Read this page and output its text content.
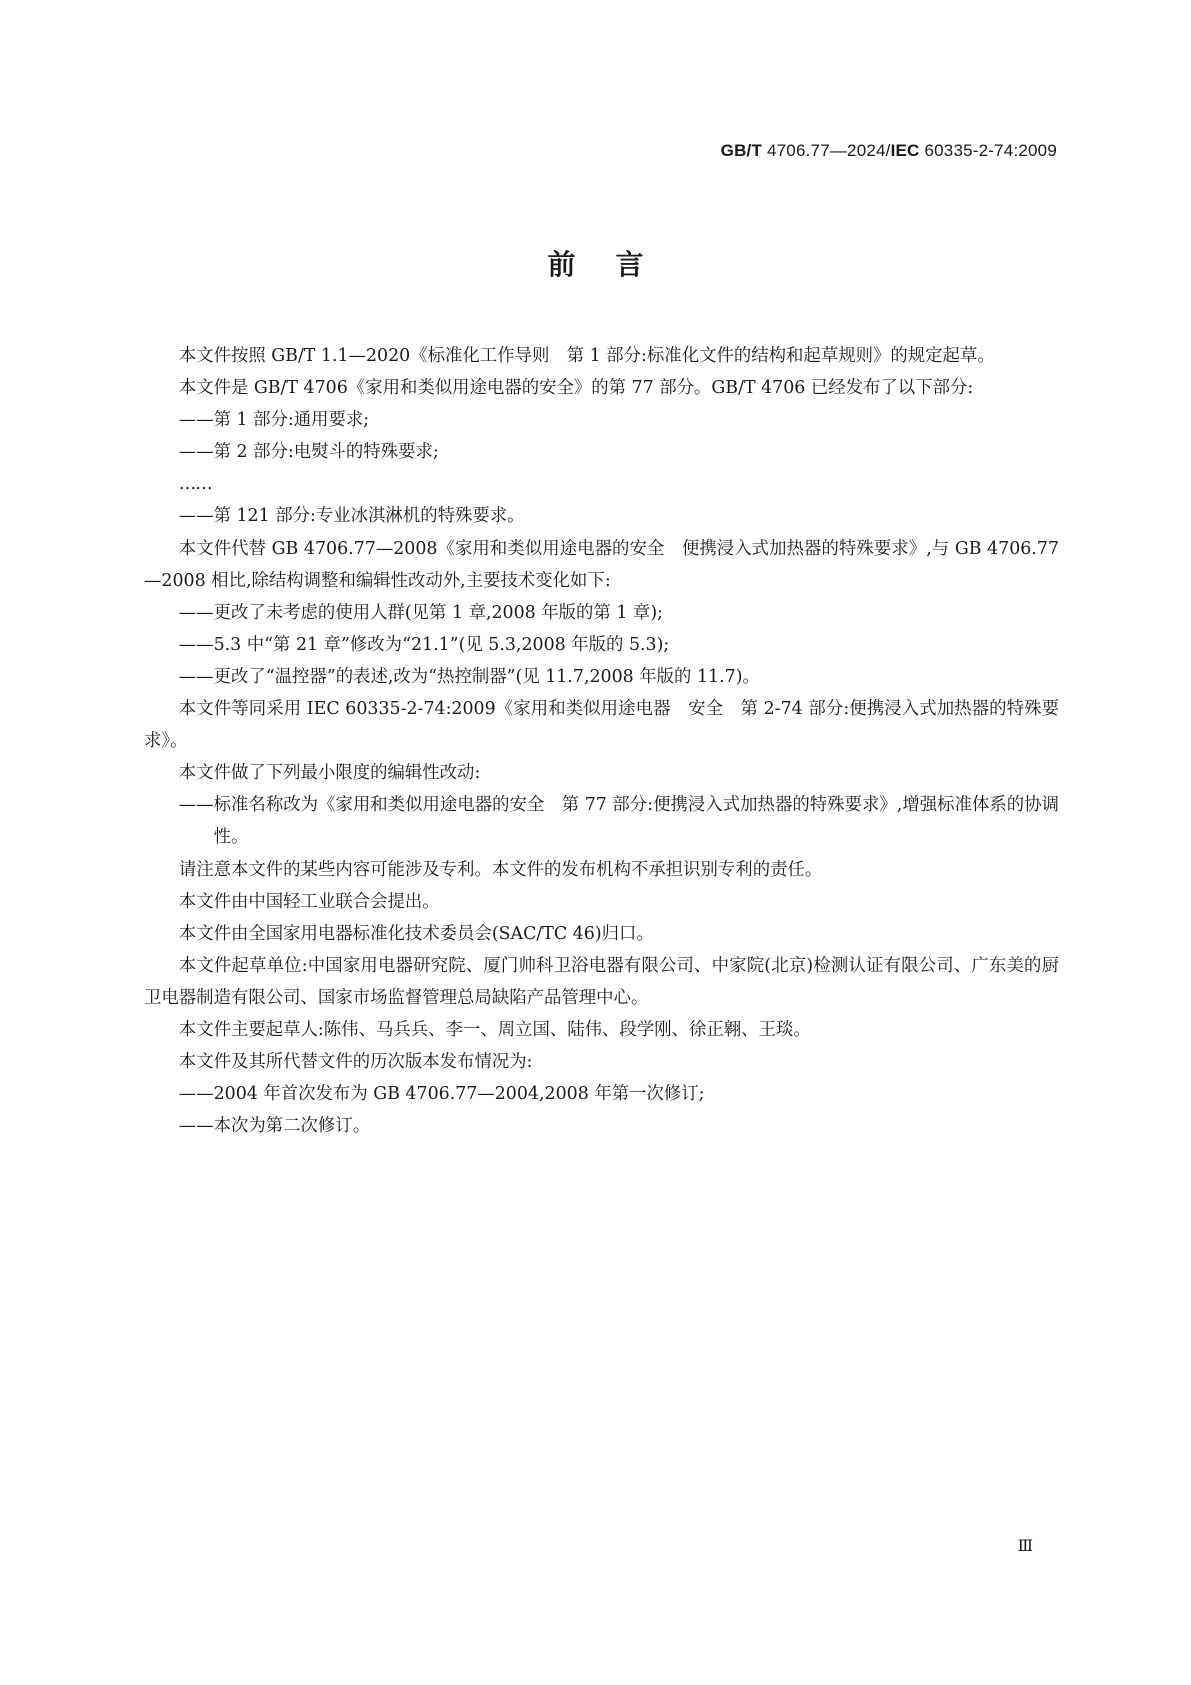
GB/T 4706.77—2024/IEC 60335-2-74:2009
前言

本文件按照 GB/T 1.1—2020《标准化工作导则　第 1 部分:标准化文件的结构和起草规则》的规定起草。

本文件是 GB/T 4706《家用和类似用途电器的安全》的第 77 部分。GB/T 4706 已经发布了以下部分:

——第 1 部分:通用要求;

——第 2 部分:电熨斗的特殊要求;

……

——第 121 部分:专业冰淇淋机的特殊要求。

本文件代替 GB 4706.77—2008《家用和类似用途电器的安全　便携浸入式加热器的特殊要求》,与 GB 4706.77—2008 相比,除结构调整和编辑性改动外,主要技术变化如下:

——更改了未考虑的使用人群(见第 1 章,2008 年版的第 1 章);

——5.3 中“第 21 章”修改为“21.1”(见 5.3,2008 年版的 5.3);

——更改了“温控器”的表述,改为“热控制器”(见 11.7,2008 年版的 11.7)。

本文件等同采用 IEC 60335-2-74:2009《家用和类似用途电器　安全　第 2-74 部分:便携浸入式加热器的特殊要求》。

本文件做了下列最小限度的编辑性改动:

——标准名称改为《家用和类似用途电器的安全　第 77 部分:便携浸入式加热器的特殊要求》,增强标准体系的协调性。

请注意本文件的某些内容可能涉及专利。本文件的发布机构不承担识别专利的责任。

本文件由中国轻工业联合会提出。

本文件由全国家用电器标准化技术委员会(SAC/TC 46)归口。

本文件起草单位:中国家用电器研究院、厦门帅科卫浴电器有限公司、中家院(北京)检测认证有限公司、广东美的厨卫电器制造有限公司、国家市场监督管理总局缺陷产品管理中心。

本文件主要起草人:陈伟、马兵兵、李一、周立国、陆伟、段学刚、徐正翱、王琰。

本文件及其所代替文件的历次版本发布情况为:

——2004 年首次发布为 GB 4706.77—2004,2008 年第一次修订;

——本次为第二次修订。

Ⅲ
